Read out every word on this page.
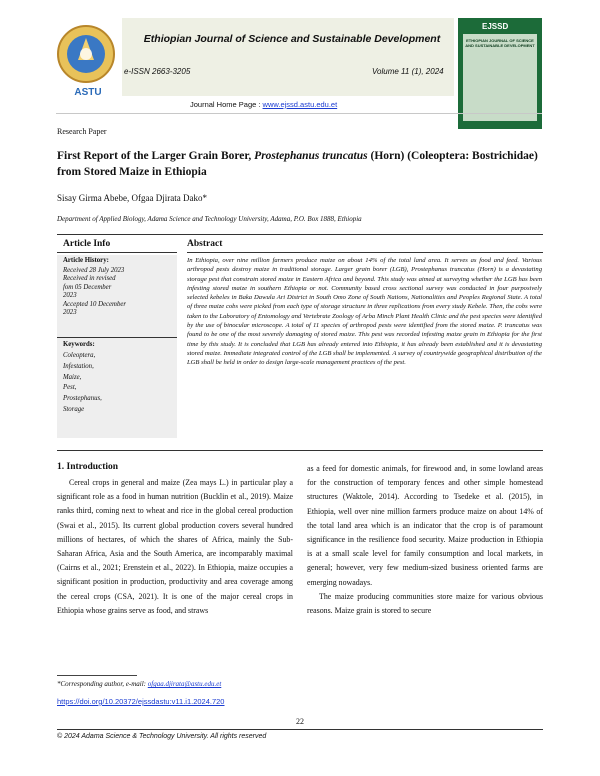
ASTU
Ethiopian Journal of Science and Sustainable Development
e-ISSN 2663-3205	Volume 11 (1), 2024
Journal Home Page : www.ejssd.astu.edu.et
EJSSD
ETHIOPIAN JOURNAL OF SCIENCE AND SUSTAINABLE DEVELOPMENT
Research Paper
First Report of the Larger Grain Borer, Prostephanus truncatus (Horn) (Coleoptera: Bostrichidae) from Stored Maize in Ethiopia
Sisay Girma Abebe, Ofgaa Djirata Dako*
Department of Applied Biology, Adama Science and Technology University, Adama, P.O. Box 1888, Ethiopia
Article Info	Abstract
Article History:
Received 28 July 2023
Received in revised
fom 05 December
2023
Accepted 10 December
2023
Keywords:
Coleoptera,
Infestation,
Maize,
Pest,
Prostephanus,
Storage
In Ethiopia, over nine million farmers produce maize on about 14% of the total land area. It serves as food and feed. Various arthropod pests destroy maize in traditional storage. Larger grain borer (LGB), Prostephanus truncatus (Horn) is a devastating storage pest that constrain stored maize in Eastern Africa and beyond. This study was aimed at surveying whether the LGB has been infesting stored maize in southern Ethiopia or not. Community based cross sectional survey was conducted in four purposively selected kebeles in Baka Dawula Ari District in South Omo Zone of South Nations, Nationalities and Peoples Regional State. A total of three maize cobs were picked from each type of storage structure in three replications from every study Kebele. Then, the cobs were taken to the Laboratory of Entomology and Vertebrate Zoology of Arba Minch Plant Health Clinic and the pest species were identified by the use of binocular microscope. A total of 11 species of arthropod pests were identified from the stored maize. P. truncatus was found to be one of the most severely damaging of stored maize. This pest was recorded infesting maize grain in Ethiopia for the first time by this study. It is concluded that LGB has already entered into Ethiopia, it has already been established and it is devastating stored maize. Immediate integrated control of the LGB shall be implemented. A survey of countrywide geographical distribution of the LGB shall be held in order to design large-scale management practices of the pest.
1. Introduction

Cereal crops in general and maize (Zea mays L.) in particular play a significant role as a food in human nutrition (Bucklin et al., 2019). Maize ranks third, coming next to wheat and rice in the global cereal production (Swai et al., 2015). Its current global production covers several hundred millions of hectares, of which the shares of Africa, mainly the Sub-Saharan Africa, Asia and the South America, are incomparably maximal (Cairns et al., 2021; Erenstein et al., 2022). In Ethiopia, maize occupies a significant position in production, productivity and area coverage among the cereal crops (CSA, 2021). It is one of the major cereal crops in Ethiopia whose grains serve as food, and straws

as a feed for domestic animals, for firewood and, in some lowland areas for the construction of temporary fences and other simple homestead structures (Waktole, 2014). According to Tsedeke et al. (2015), in Ethiopia, well over nine million farmers produce maize on about 14% of the total land area which is an indicator that the crop is of paramount significance in the resilience food security. Maize production in Ethiopia is at a small scale level for family consumption and local markets, in general; however, very few medium-sized business oriented farms are emerging nowadays.

The maize producing communities store maize for various obvious reasons. Maize grain is stored to secure

*Corresponding author, e-mail: ofgaa.djirata@astu.edu.et
https://doi.org/10.20372/ejssdastu:v11.i1.2024.720
22
© 2024 Adama Science & Technology University. All rights reserved
